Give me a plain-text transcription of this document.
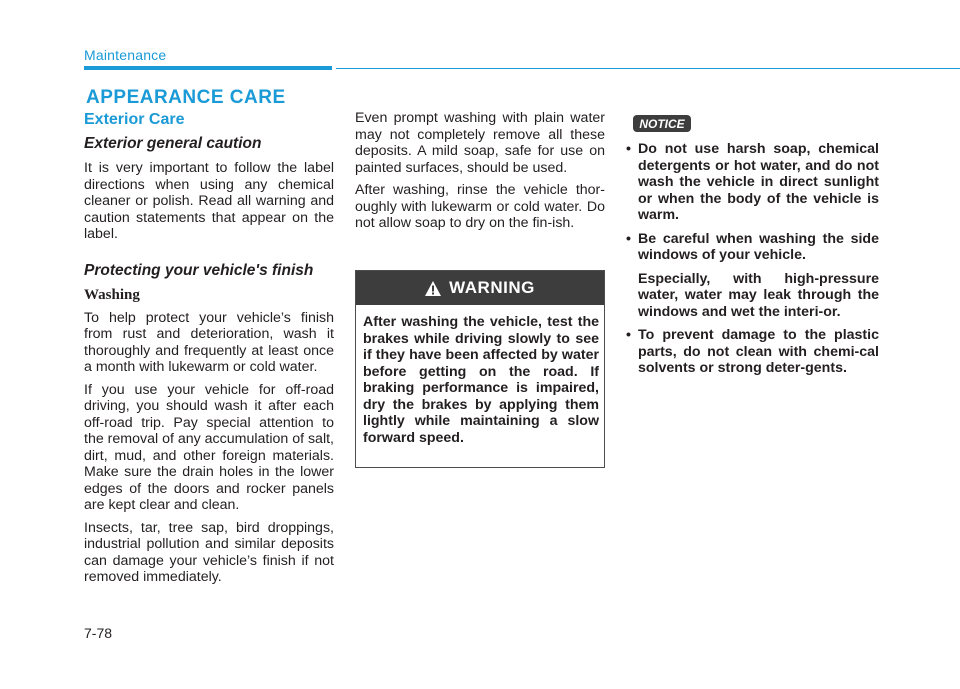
Maintenance
APPEARANCE CARE
Exterior Care
Exterior general caution

It is very important to follow the label directions when using any chemical cleaner or polish. Read all warning and caution statements that appear on the label.

Protecting your vehicle's finish
Washing

To help protect your vehicle’s finish from rust and deterioration, wash it thoroughly and frequently at least once a month with lukewarm or cold water.

If you use your vehicle for off-road driving, you should wash it after each off-road trip. Pay special attention to the removal of any accumulation of salt, dirt, mud, and other foreign materials. Make sure the drain holes in the lower edges of the doors and rocker panels are kept clear and clean.

Insects, tar, tree sap, bird droppings, industrial pollution and similar deposits can damage your vehicle’s finish if not removed immediately.

Even prompt washing with plain water may not completely remove all these deposits. A mild soap, safe for use on painted surfaces, should be used.

After washing, rinse the vehicle thor-oughly with lukewarm or cold water. Do not allow soap to dry on the fin-ish.

WARNING

After washing the vehicle, test the brakes while driving slowly to see if they have been affected by water before getting on the road. If braking performance is impaired, dry the brakes by applying them lightly while maintaining a slow forward speed.

NOTICE
• Do not use harsh soap, chemical detergents or hot water, and do not wash the vehicle in direct sunlight or when the body of the vehicle is warm.
• Be careful when washing the side windows of your vehicle.
Especially, with high-pressure water, water may leak through the windows and wet the interi-or.
• To prevent damage to the plastic parts, do not clean with chemi-cal solvents or strong deter-gents.
7-78
